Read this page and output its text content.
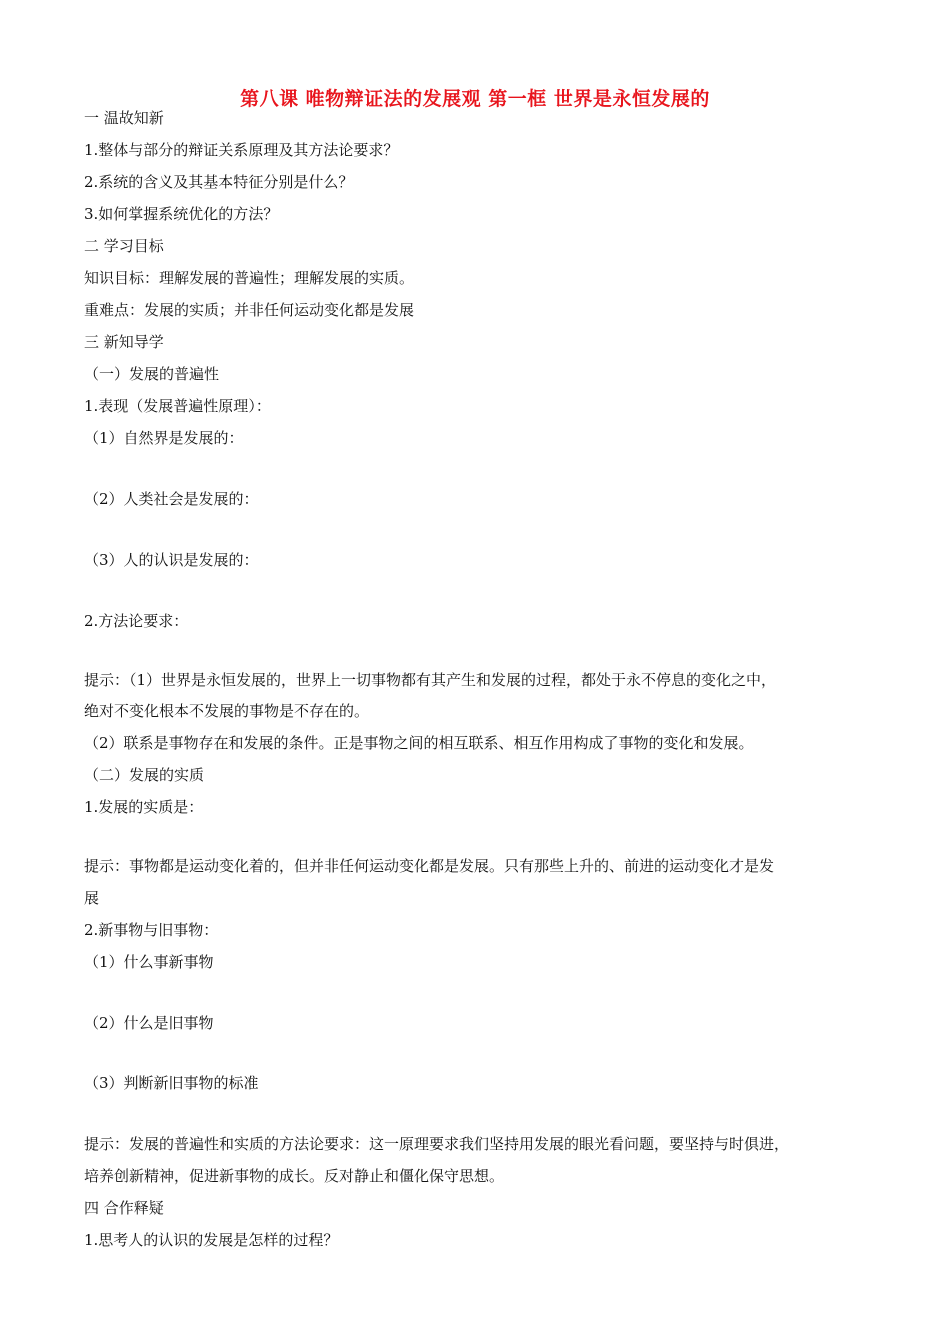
第八课 唯物辩证法的发展观 第一框 世界是永恒发展的
一 温故知新
1.整体与部分的辩证关系原理及其方法论要求？
2.系统的含义及其基本特征分别是什么？
3.如何掌握系统优化的方法？
二 学习目标
知识目标：理解发展的普遍性；理解发展的实质。
重难点：发展的实质；并非任何运动变化都是发展
三 新知导学
（一）发展的普遍性
1.表现（发展普遍性原理）：
（1）自然界是发展的：
（2）人类社会是发展的：
（3）人的认识是发展的：
2.方法论要求：
提示：（1）世界是永恒发展的，世界上一切事物都有其产生和发展的过程，都处于永不停息的变化之中，
绝对不变化根本不发展的事物是不存在的。
（2）联系是事物存在和发展的条件。正是事物之间的相互联系、相互作用构成了事物的变化和发展。
（二）发展的实质
1.发展的实质是：
提示：事物都是运动变化着的，但并非任何运动变化都是发展。只有那些上升的、前进的运动变化才是发
展
2.新事物与旧事物：
（1）什么事新事物
（2）什么是旧事物
（3）判断新旧事物的标准
提示：发展的普遍性和实质的方法论要求：这一原理要求我们坚持用发展的眼光看问题，要坚持与时俱进，
培养创新精神，促进新事物的成长。反对静止和僵化保守思想。
四 合作释疑
1.思考人的认识的发展是怎样的过程？
